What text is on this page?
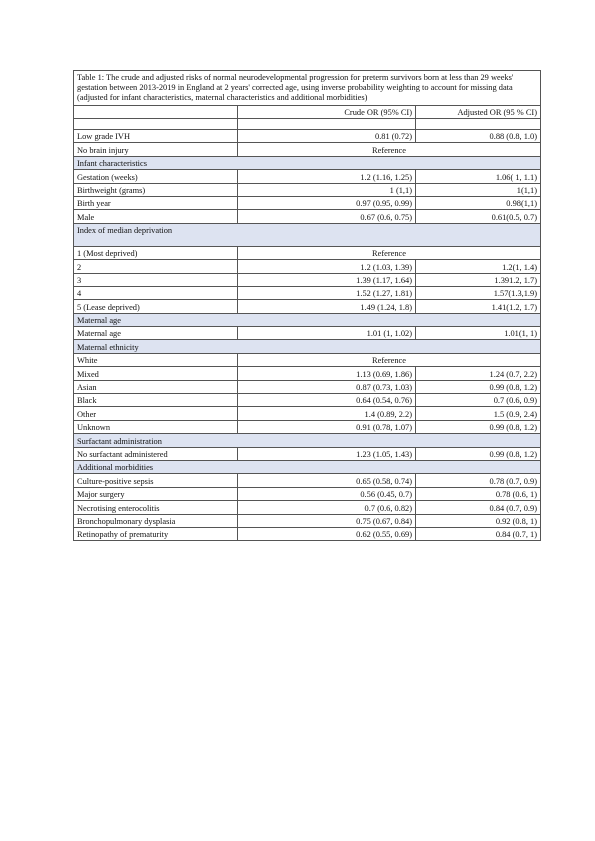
Table 1: The crude and adjusted risks of normal neurodevelopmental progression for preterm survivors born at less than 29 weeks' gestation between 2013-2019 in England at 2 years' corrected age, using inverse probability weighting to account for missing data (adjusted for infant characteristics, maternal characteristics and additional morbidities)		
	Crude OR (95% CI)	Adjusted OR (95 % CI)

Low grade IVH	0.81 (0.72)	0.88 (0.8, 1.0)
No brain injury	Reference	
Infant characteristics		
Gestation (weeks)	1.2 (1.16, 1.25)	1.06( 1, 1.1)
Birthweight (grams)	1 (1,1)	1(1,1)
Birth year	0.97 (0.95, 0.99)	0.98(1,1)
Male	0.67 (0.6, 0.75)	0.61(0.5, 0.7)
Index of median deprivation		
1 (Most deprived)	Reference	
2	1.2 (1.03, 1.39)	1.2(1, 1.4)
3	1.39 (1.17, 1.64)	1.391.2, 1.7)
4	1.52 (1.27, 1.81)	1.57(1.3,1.9)
5 (Lease deprived)	1.49 (1.24, 1.8)	1.41(1.2, 1.7)
Maternal age		
Maternal age	1.01 (1, 1.02)	1.01(1, 1)
Maternal ethnicity		
White	Reference	
Mixed	1.13 (0.69, 1.86)	1.24 (0.7, 2.2)
Asian	0.87 (0.73, 1.03)	0.99 (0.8, 1.2)
Black	0.64 (0.54, 0.76)	0.7 (0.6, 0.9)
Other	1.4 (0.89, 2.2)	1.5 (0.9, 2.4)
Unknown	0.91 (0.78, 1.07)	0.99 (0.8, 1.2)
Surfactant administration		
No surfactant administered	1.23 (1.05, 1.43)	0.99 (0.8, 1.2)
Additional morbidities		
Culture-positive sepsis	0.65 (0.58, 0.74)	0.78 (0.7, 0.9)
Major surgery	0.56 (0.45, 0.7)	0.78 (0.6, 1)
Necrotising enterocolitis	0.7 (0.6, 0.82)	0.84 (0.7, 0.9)
Bronchopulmonary dysplasia	0.75 (0.67, 0.84)	0.92 (0.8, 1)
Retinopathy of prematurity	0.62 (0.55, 0.69)	0.84 (0.7, 1)
